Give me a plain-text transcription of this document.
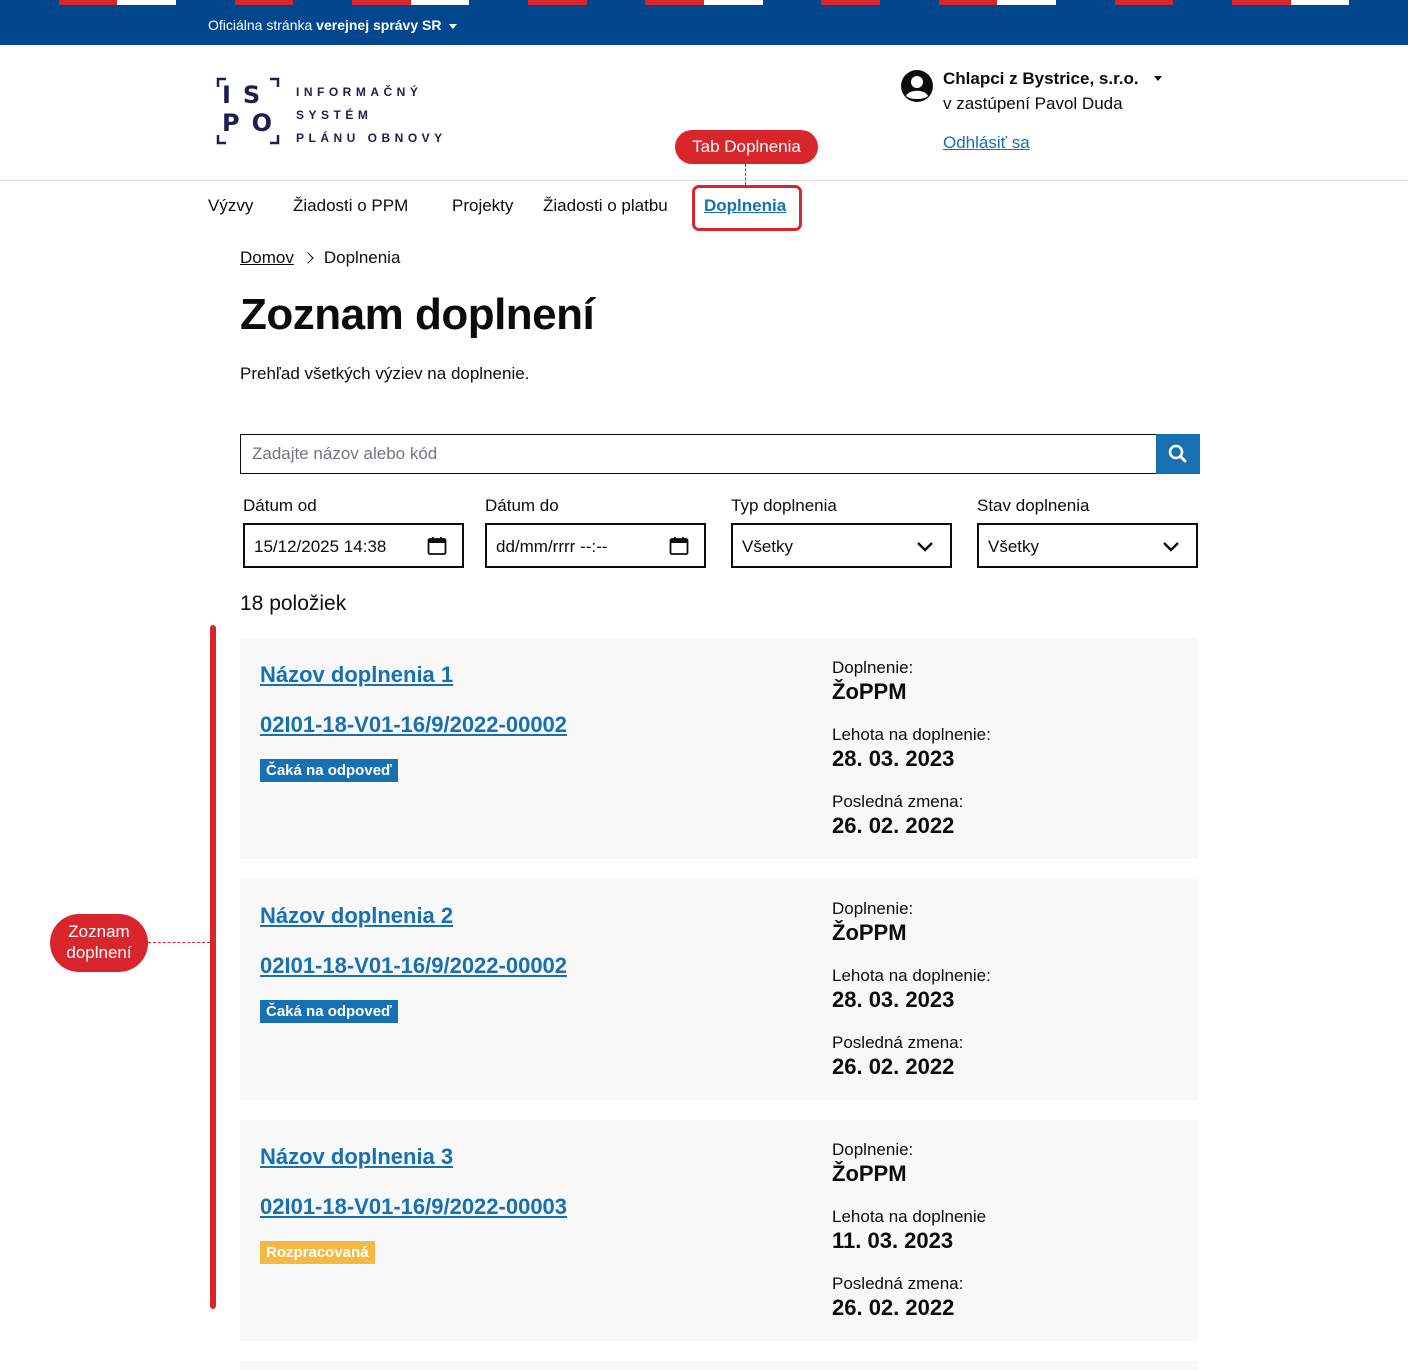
Oficiálna stránka verejnej správy SR
IS
PO
INFORMAČNÝ
SYSTÉM
PLÁNU OBNOVY
Chlapci z Bystrice, s.r.o.
v zastúpení Pavol Duda
Odhlásiť sa
Tab Doplnenia
Výzvy Žiadosti o PPM	Projekty Žiadosti o platbu Doplnenia
Domov Doplnenia
Zoznam doplnení

Prehľad všetkých výziev na doplnenie.

Zadajte názov alebo kód
Dátum od	Dátum do	Typ doplnenia	Stav doplnenia
15/12/2025 14:38	dd/mm/rrrr --:--	Všetky	Všetky
18 položiek
Zoznam
doplnení
Názov doplnenia 1
02I01-18-V01-16/9/2022-00002
Čaká na odpoveď
Doplnenie:
ŽoPPM
Lehota na doplnenie:
28. 03. 2023
Posledná zmena:
26. 02. 2022
Názov doplnenia 2
02I01-18-V01-16/9/2022-00002
Čaká na odpoveď
Doplnenie:
ŽoPPM
Lehota na doplnenie:
28. 03. 2023
Posledná zmena:
26. 02. 2022
Názov doplnenia 3
02I01-18-V01-16/9/2022-00003
Rozpracovaná
Doplnenie:
ŽoPPM
Lehota na doplnenie
11. 03. 2023
Posledná zmena:
26. 02. 2022
